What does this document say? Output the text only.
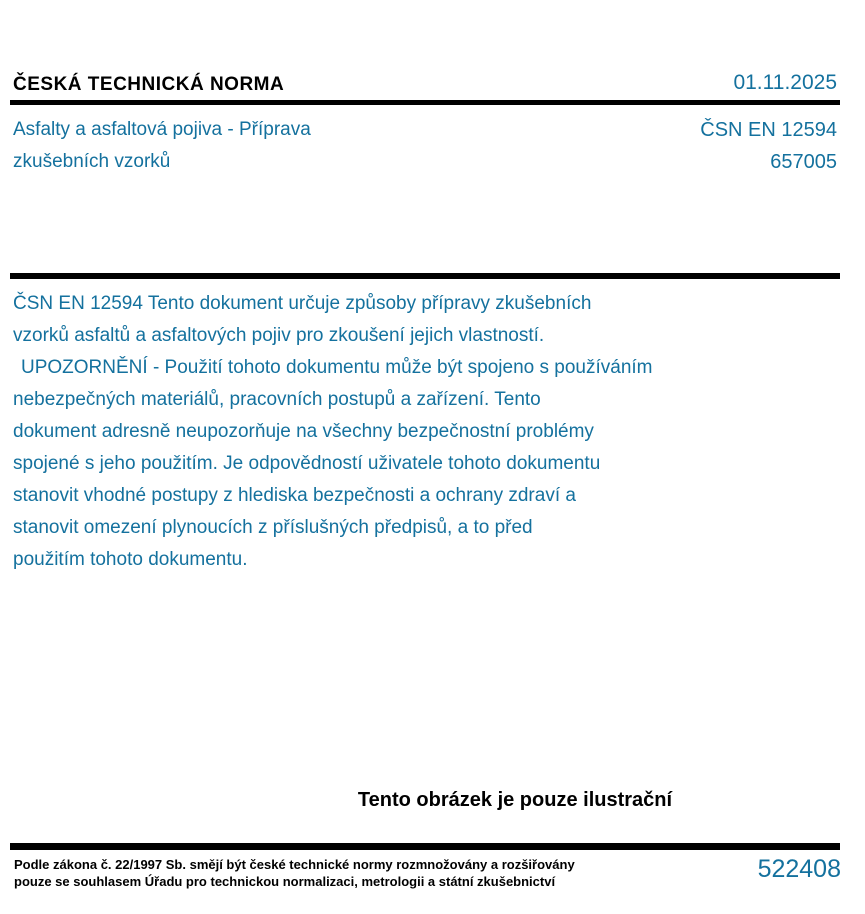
ČESKÁ TECHNICKÁ NORMA	01.11.2025
Asfalty a asfaltová pojiva - Příprava
zkušebních vzorků
ČSN EN 12594
657005
ČSN EN 12594 Tento dokument určuje způsoby přípravy zkušebních
vzorků asfaltů a asfaltových pojiv pro zkoušení jejich vlastností.
UPOZORNĚNÍ - Použití tohoto dokumentu může být spojeno s používáním
nebezpečných materiálů, pracovních postupů a zařízení. Tento
dokument adresně neupozorňuje na všechny bezpečnostní problémy
spojené s jeho použitím. Je odpovědností uživatele tohoto dokumentu
stanovit vhodné postupy z hlediska bezpečnosti a ochrany zdraví a
stanovit omezení plynoucích z příslušných předpisů, a to před
použitím tohoto dokumentu.
Tento obrázek je pouze ilustrační
Podle zákona č. 22/1997 Sb. smějí být české technické normy rozmnožovány a rozšiřovány
pouze se souhlasem Úřadu pro technickou normalizaci, metrologii a státní zkušebnictví	522408
